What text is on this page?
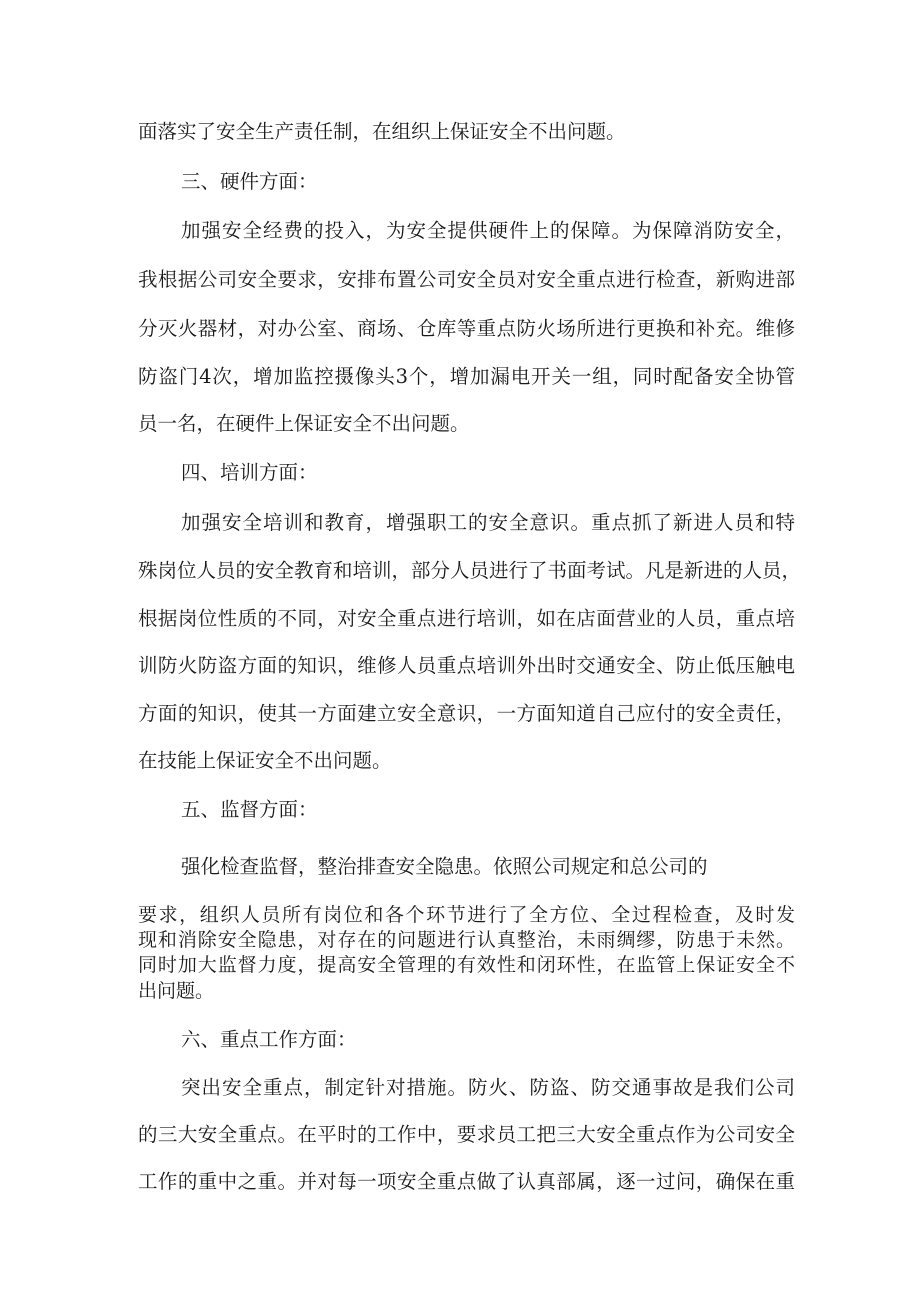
面落实了安全生产责任制，在组织上保证安全不出问题。
三、硬件方面：
加强安全经费的投入，为安全提供硬件上的保障。为保障消防安全，
我根据公司安全要求，安排布置公司安全员对安全重点进行检查，新购进部
分灭火器材，对办公室、商场、仓库等重点防火场所进行更换和补充。维修
防盗门4次，增加监控摄像头3个，增加漏电开关一组，同时配备安全协管
员一名，在硬件上保证安全不出问题。
四、培训方面：
加强安全培训和教育，增强职工的安全意识。重点抓了新进人员和特
殊岗位人员的安全教育和培训，部分人员进行了书面考试。凡是新进的人员，
根据岗位性质的不同，对安全重点进行培训，如在店面营业的人员，重点培
训防火防盗方面的知识，维修人员重点培训外出时交通安全、防止低压触电
方面的知识，使其一方面建立安全意识，一方面知道自己应付的安全责任，
在技能上保证安全不出问题。
五、监督方面：
强化检查监督，整治排查安全隐患。依照公司规定和总公司的
要求，组织人员所有岗位和各个环节进行了全方位、全过程检查，及时发
现和消除安全隐患，对存在的问题进行认真整治，未雨绸缪，防患于未然。
同时加大监督力度，提高安全管理的有效性和闭环性，在监管上保证安全不
出问题。
六、重点工作方面：
突出安全重点，制定针对措施。防火、防盗、防交通事故是我们公司
的三大安全重点。在平时的工作中，要求员工把三大安全重点作为公司安全
工作的重中之重。并对每一项安全重点做了认真部属，逐一过问，确保在重
